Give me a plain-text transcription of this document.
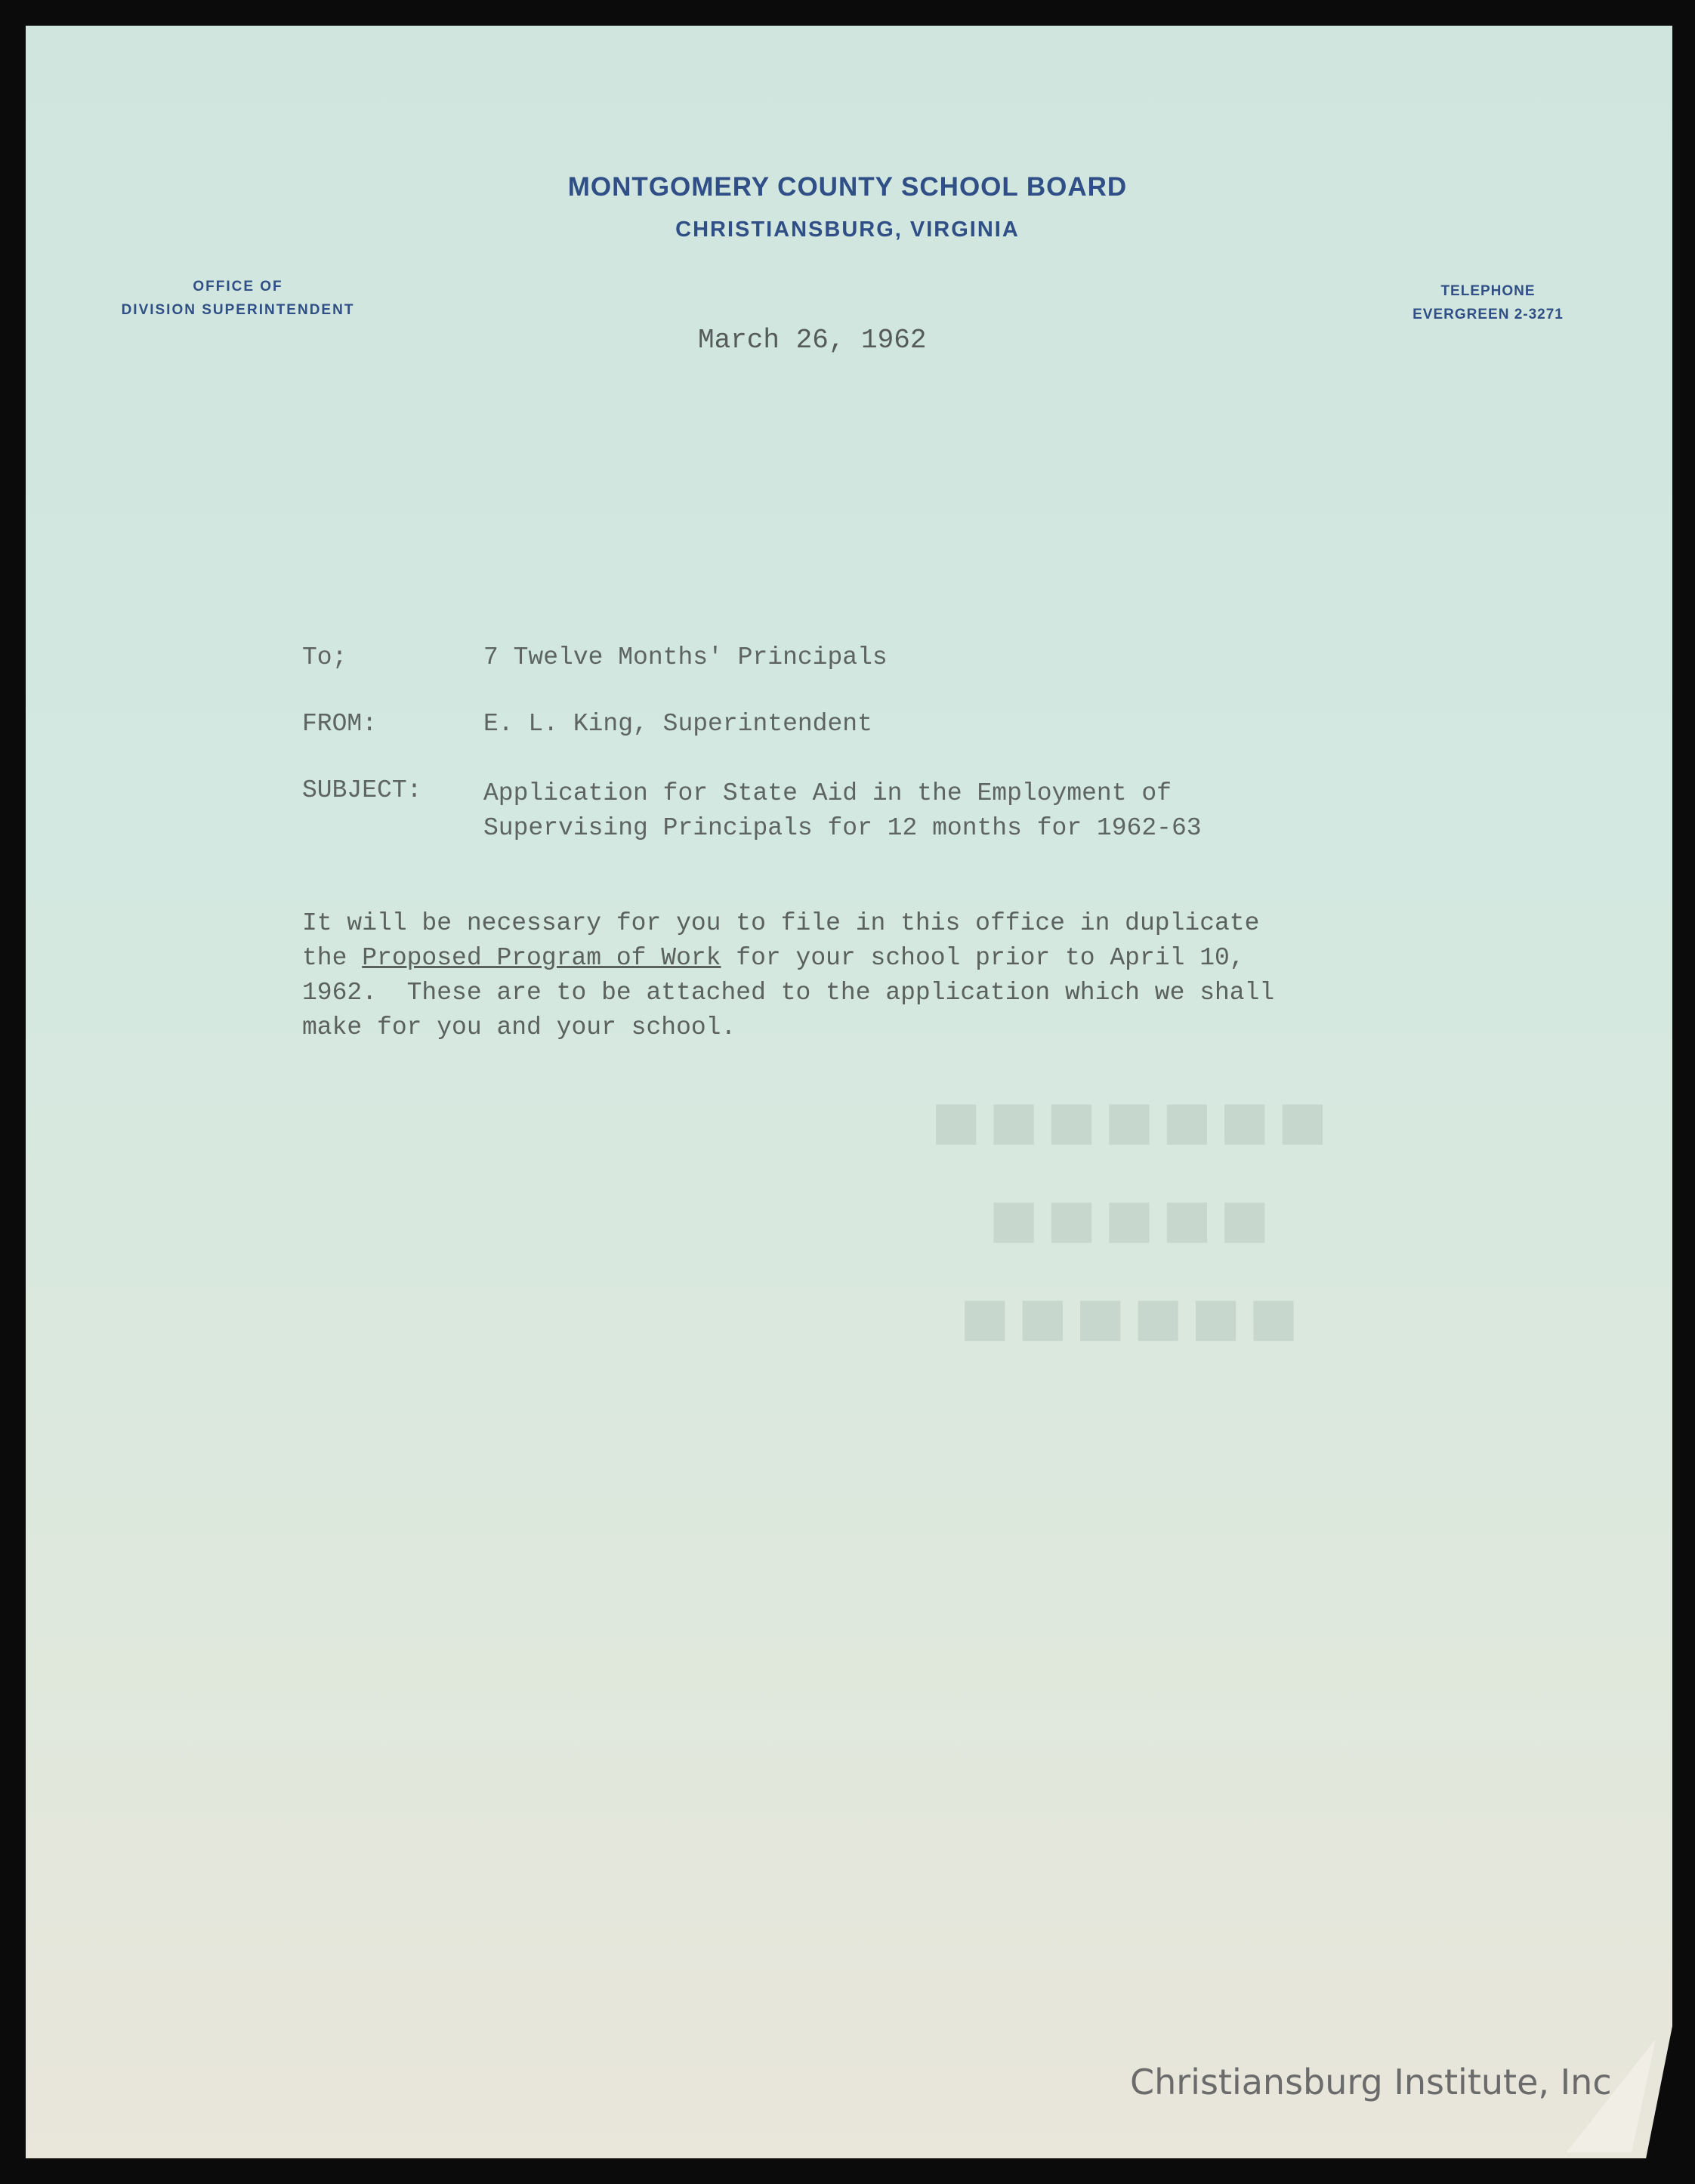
■■■■■■■
■■■■■
■■■■■■
MONTGOMERY COUNTY SCHOOL BOARD
CHRISTIANSBURG, VIRGINIA
OFFICE OF
DIVISION SUPERINTENDENT
TELEPHONE
EVERGREEN 2-3271
March 26, 1962
To;	7 Twelve Months' Principals
FROM:	E. L. King, Superintendent
SUBJECT: Application for State Aid in the Employment of
Supervising Principals for 12 months for 1962-63
It will be necessary for you to file in this office in duplicate
the Proposed Program of Work for your school prior to April 10,
1962.  These are to be attached to the application which we shall
make for you and your school.
Christiansburg Institute, Inc
